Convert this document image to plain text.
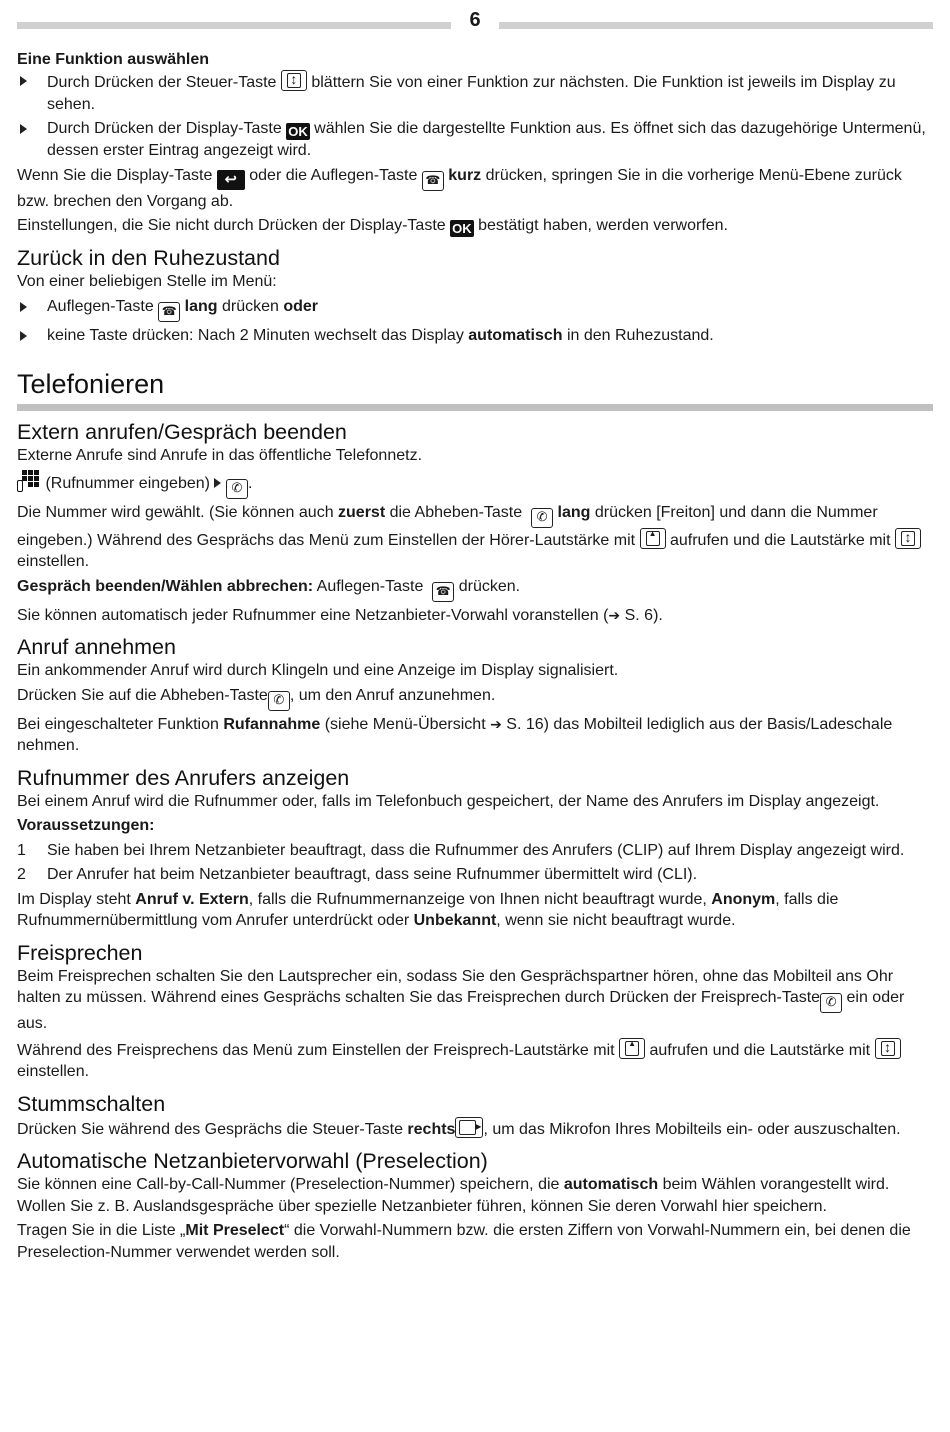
6
Eine Funktion auswählen
Durch Drücken der Steuer-Taste ↕ blättern Sie von einer Funktion zur nächsten. Die Funktion ist jeweils im Display zu sehen.
Durch Drücken der Display-Taste OK wählen Sie die dargestellte Funktion aus. Es öffnet sich das dazugehörige Untermenü, dessen erster Eintrag angezeigt wird.

Wenn Sie die Display-Taste ↩ oder die Auflegen-Taste ☎ kurz drücken, springen Sie in die vorherige Menü-Ebene zurück bzw. brechen den Vorgang ab.

Einstellungen, die Sie nicht durch Drücken der Display-Taste OK bestätigt haben, werden verworfen.

Zurück in den Ruhezustand

Von einer beliebigen Stelle im Menü:

Auflegen-Taste ☎ lang drücken oder
keine Taste drücken: Nach 2 Minuten wechselt das Display automatisch in den Ruhezustand.
Telefonieren
Extern anrufen/Gespräch beenden

Externe Anrufe sind Anrufe in das öffentliche Telefonnetz.

(Rufnummer eingeben) ✆ .

Die Nummer wird gewählt. (Sie können auch zuerst die Abheben-Taste ✆ lang drücken [Freiton] und dann die Nummer eingeben.) Während des Gesprächs das Menü zum Einstellen der Hörer-Lautstärke mit ▲ aufrufen und die Lautstärke mit ↕ einstellen.

Gespräch beenden/Wählen abbrechen: Auflegen-Taste ☎ drücken.

Sie können automatisch jeder Rufnummer eine Netzanbieter-Vorwahl voranstellen (➔ S. 6).

Anruf annehmen

Ein ankommender Anruf wird durch Klingeln und eine Anzeige im Display signalisiert.

Drücken Sie auf die Abheben-Taste ✆ , um den Anruf anzunehmen.

Bei eingeschalteter Funktion Rufannahme (siehe Menü-Übersicht ➔ S. 16) das Mobilteil lediglich aus der Basis/Ladeschale nehmen.

Rufnummer des Anrufers anzeigen

Bei einem Anruf wird die Rufnummer oder, falls im Telefonbuch gespeichert, der Name des Anrufers im Display angezeigt.

Voraussetzungen:

1 Sie haben bei Ihrem Netzanbieter beauftragt, dass die Rufnummer des Anrufers (CLIP) auf Ihrem Display angezeigt wird.
2 Der Anrufer hat beim Netzanbieter beauftragt, dass seine Rufnummer übermittelt wird (CLI).

Im Display steht Anruf v. Extern, falls die Rufnummernanzeige von Ihnen nicht beauftragt wurde, Anonym, falls die Rufnummernübermittlung vom Anrufer unterdrückt oder Unbekannt, wenn sie nicht beauftragt wurde.

Freisprechen

Beim Freisprechen schalten Sie den Lautsprecher ein, sodass Sie den Gesprächspartner hören, ohne das Mobilteil ans Ohr halten zu müssen. Während eines Gesprächs schalten Sie das Freisprechen durch Drücken der Freisprech-Taste ✆ ein oder aus.

Während des Freisprechens das Menü zum Einstellen der Freisprech-Lautstärke mit ▲ aufrufen und die Lautstärke mit ↕ einstellen.

Stummschalten

Drücken Sie während des Gesprächs die Steuer-Taste rechts▶ , um das Mikrofon Ihres Mobilteils ein- oder auszuschalten.

Automatische Netzanbietervorwahl (Preselection)

Sie können eine Call-by-Call-Nummer (Preselection-Nummer) speichern, die automatisch beim Wählen vorangestellt wird. Wollen Sie z. B. Auslandsgespräche über spezielle Netzanbieter führen, können Sie deren Vorwahl hier speichern.

Tragen Sie in die Liste „Mit Preselect“ die Vorwahl-Nummern bzw. die ersten Ziffern von Vorwahl-Nummern ein, bei denen die Preselection-Nummer verwendet werden soll.
